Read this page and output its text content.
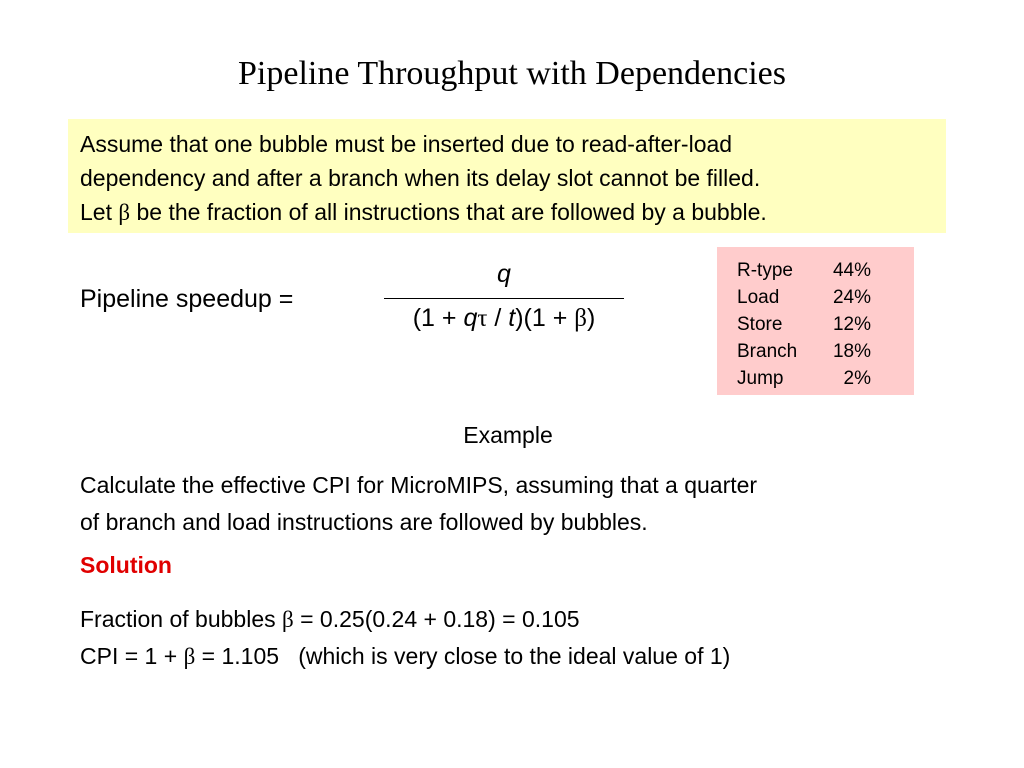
Pipeline Throughput with Dependencies
Assume that one bubble must be inserted due to read-after-load
dependency and after a branch when its delay slot cannot be filled.
Let β be the fraction of all instructions that are followed by a bubble.
Pipeline speedup =
q
(1 + qτ / t)(1 + β)
R-type	44%
Load	24%
Store	12%
Branch	18%
Jump	2%
Example
Calculate the effective CPI for MicroMIPS, assuming that a quarter
of branch and load instructions are followed by bubbles.
Solution
Fraction of bubbles β = 0.25(0.24 + 0.18) = 0.105
CPI = 1 + β = 1.105   (which is very close to the ideal value of 1)
